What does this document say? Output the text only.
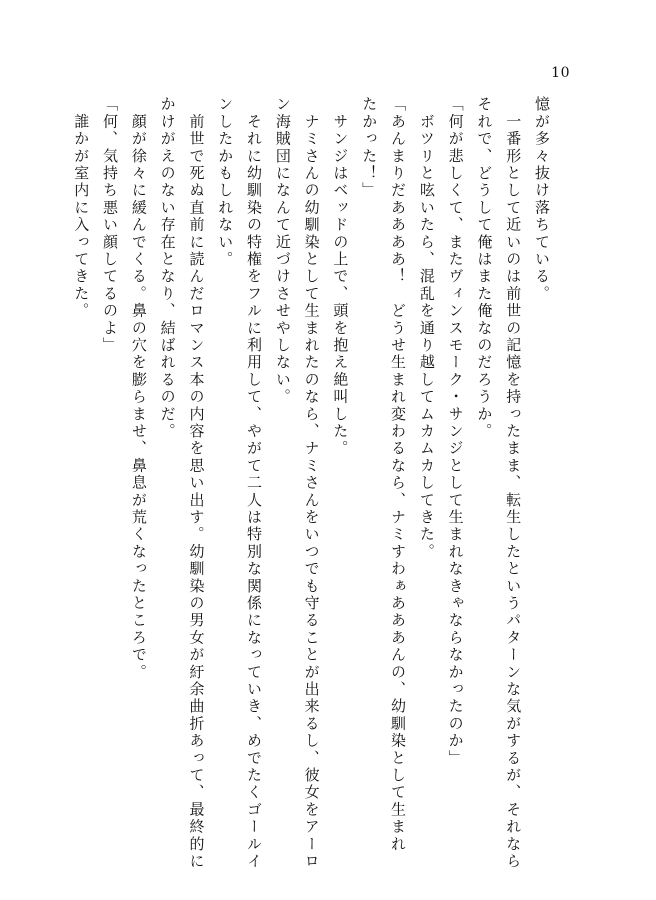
10
憶が多々抜け落ちている。
　一番形として近いのは前世の記憶を持ったまま、転生したというパターンな気がするが、それなら
それで、どうして俺はまた俺なのだろうか。
「何が悲しくて、またヴィンスモーク・サンジとして生まれなきゃならなかったのか」
　ボツリと呟いたら、混乱を通り越してムカムカしてきた。
「あんまりだああああ！　どうせ生まれ変わるなら、ナミすわぁあああんの、幼馴染として生まれ
たかった！」
　サンジはベッドの上で、頭を抱え絶叫した。
　ナミさんの幼馴染として生まれたのなら、ナミさんをいつでも守ることが出来るし、彼女をアーロ
ン海賊団になんて近づけさせやしない。
　それに幼馴染の特権をフルに利用して、やがて二人は特別な関係になっていき、めでたくゴールイ
ンしたかもしれない。
　前世で死ぬ直前に読んだロマンス本の内容を思い出す。幼馴染の男女が紆余曲折あって、最終的に
かけがえのない存在となり、結ばれるのだ。
　顔が徐々に緩んでくる。鼻の穴を膨らませ、鼻息が荒くなったところで。
「何、気持ち悪い顔してるのよ」
　誰かが室内に入ってきた。
